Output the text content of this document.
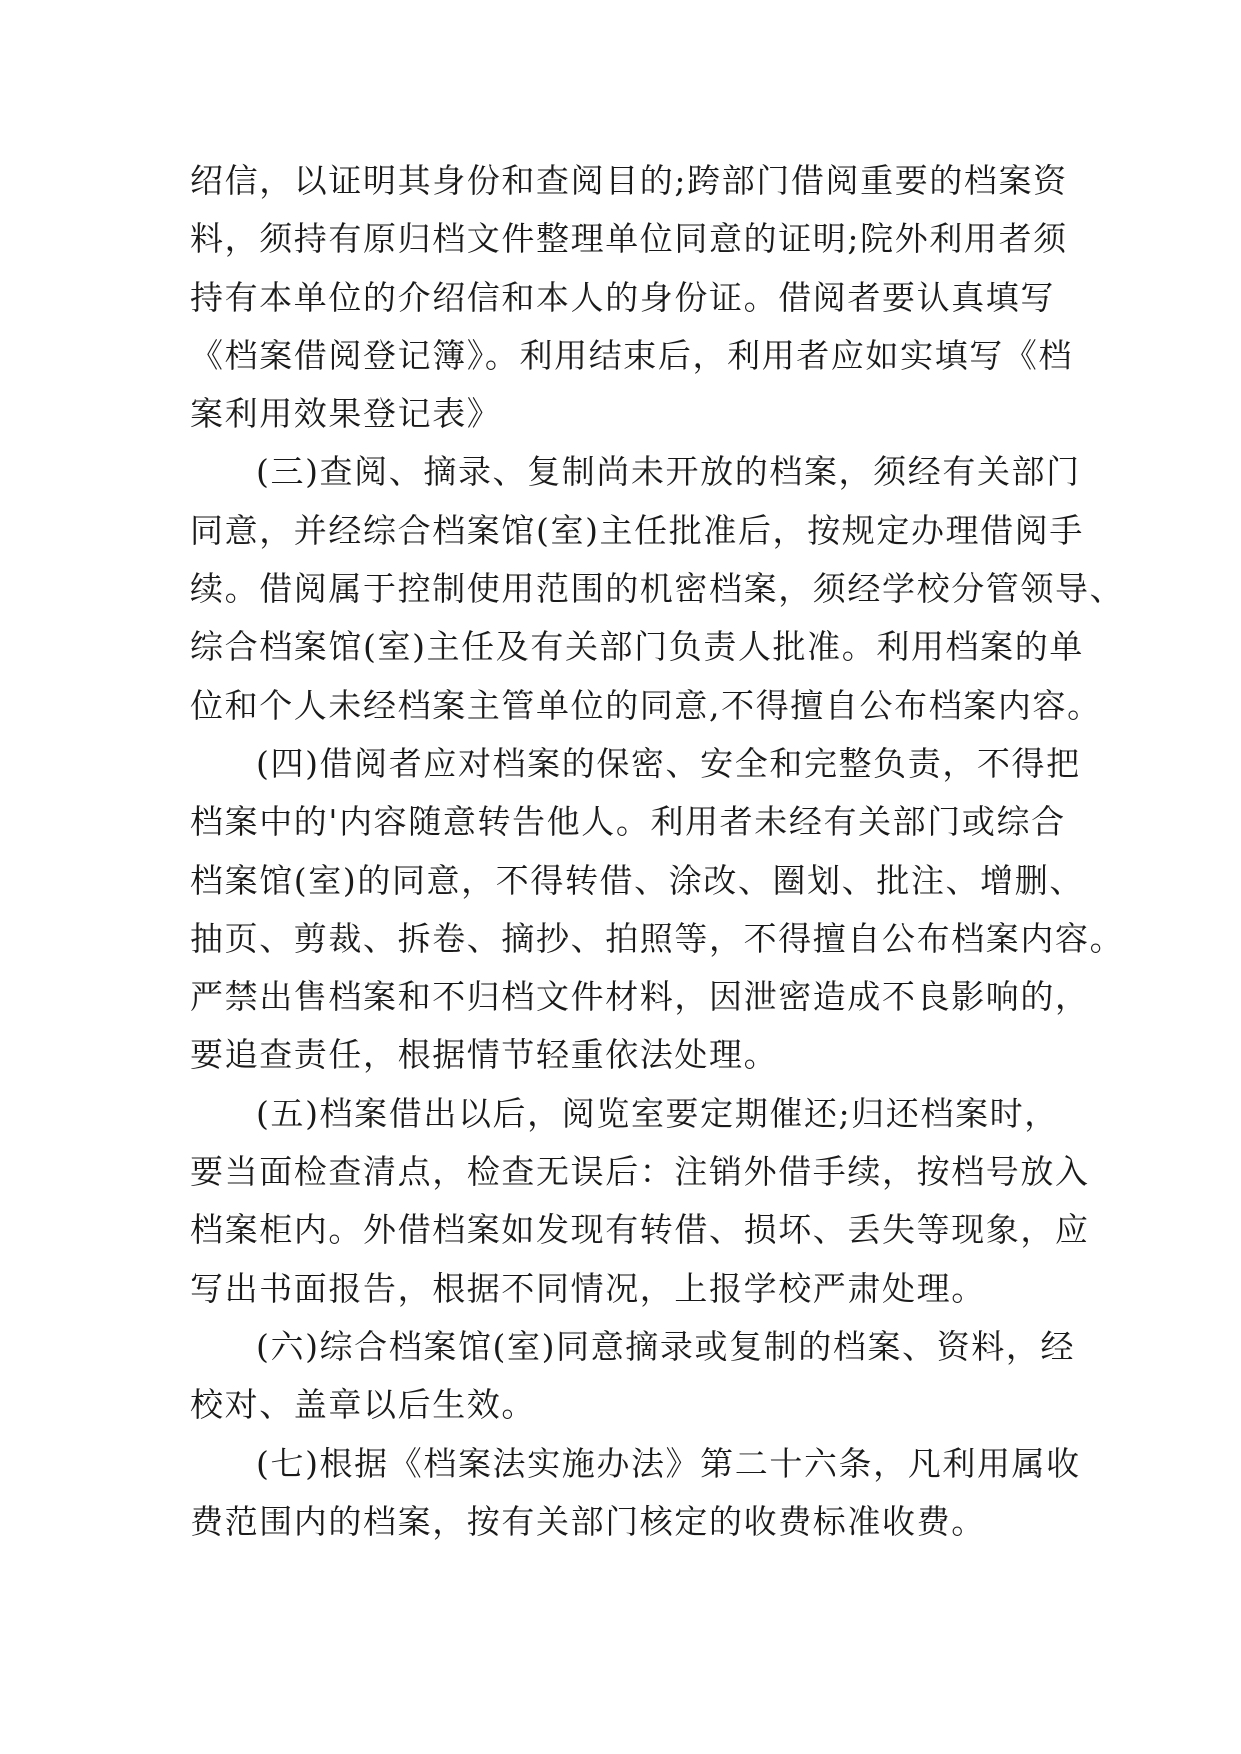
绍信，以证明其身份和查阅目的;跨部门借阅重要的档案资
料，须持有原归档文件整理单位同意的证明;院外利用者须
持有本单位的介绍信和本人的身份证。借阅者要认真填写
《档案借阅登记簿》。利用结束后，利用者应如实填写《档
案利用效果登记表》
(三)查阅、摘录、复制尚未开放的档案，须经有关部门
同意，并经综合档案馆(室)主任批准后，按规定办理借阅手
续。借阅属于控制使用范围的机密档案，须经学校分管领导、
综合档案馆(室)主任及有关部门负责人批准。利用档案的单
位和个人未经档案主管单位的同意,不得擅自公布档案内容。
(四)借阅者应对档案的保密、安全和完整负责，不得把
档案中的'内容随意转告他人。利用者未经有关部门或综合
档案馆(室)的同意，不得转借、涂改、圈划、批注、增删、
抽页、剪裁、拆卷、摘抄、拍照等，不得擅自公布档案内容。
严禁出售档案和不归档文件材料，因泄密造成不良影响的，
要追查责任，根据情节轻重依法处理。
(五)档案借出以后，阅览室要定期催还;归还档案时，
要当面检查清点，检查无误后：注销外借手续，按档号放入
档案柜内。外借档案如发现有转借、损坏、丢失等现象，应
写出书面报告，根据不同情况，上报学校严肃处理。
(六)综合档案馆(室)同意摘录或复制的档案、资料，经
校对、盖章以后生效。
(七)根据《档案法实施办法》第二十六条，凡利用属收
费范围内的档案，按有关部门核定的收费标准收费。
